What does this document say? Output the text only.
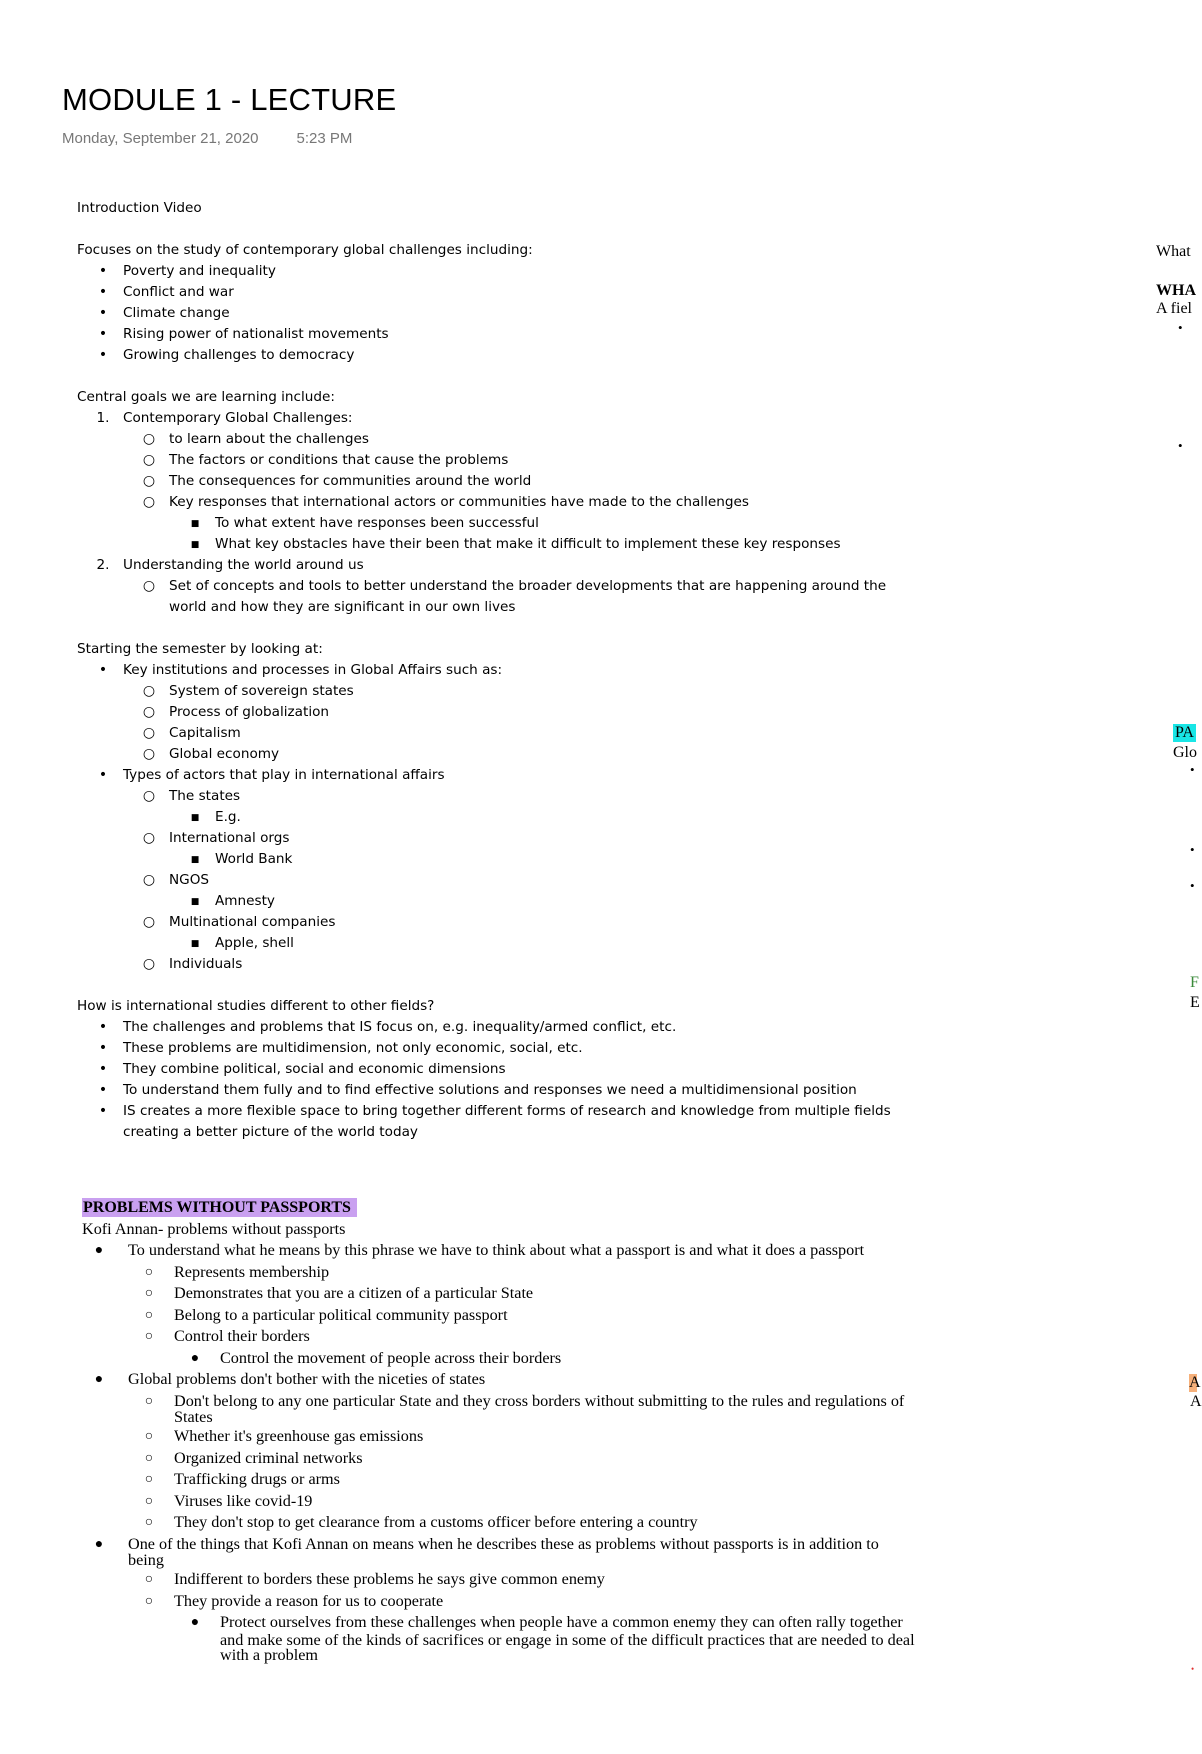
MODULE 1 - LECTURE
Monday, September 21, 2020	5:23 PM
Introduction Video
Focuses on the study of contemporary global challenges including:
• Poverty and inequality
• Conflict and war
• Climate change
• Rising power of nationalist movements
• Growing challenges to democracy
Central goals we are learning include:
1. Contemporary Global Challenges:
○ to learn about the challenges
○ The factors or conditions that cause the problems
○ The consequences for communities around the world
○ Key responses that international actors or communities have made to the challenges
■ To what extent have responses been successful
■ What key obstacles have their been that make it difficult to implement these key responses
2. Understanding the world around us
○ Set of concepts and tools to better understand the broader developments that are happening around the
world and how they are significant in our own lives
Starting the semester by looking at:
• Key institutions and processes in Global Affairs such as:
○ System of sovereign states
○ Process of globalization
○ Capitalism
○ Global economy
• Types of actors that play in international affairs
○ The states
■ E.g.
○ International orgs
■ World Bank
○ NGOS
■ Amnesty
○ Multinational companies
■ Apple, shell
○ Individuals
How is international studies different to other fields?
• The challenges and problems that IS focus on, e.g. inequality/armed conflict, etc.
• These problems are multidimension, not only economic, social, etc.
• They combine political, social and economic dimensions
• To understand them fully and to find effective solutions and responses we need a multidimensional position
• IS creates a more flexible space to bring together different forms of research and knowledge from multiple fields
creating a better picture of the world today
PROBLEMS WITHOUT PASSPORTS
Kofi Annan- problems without passports
● To understand what he means by this phrase we have to think about what a passport is and what it does a passport
○ Represents membership
○ Demonstrates that you are a citizen of a particular State
○ Belong to a particular political community passport
○ Control their borders
● Control the movement of people across their borders
● Global problems don't bother with the niceties of states
○ Don't belong to any one particular State and they cross borders without submitting to the rules and regulations of
States
○ Whether it's greenhouse gas emissions
○ Organized criminal networks
○ Trafficking drugs or arms
○ Viruses like covid-19
○ They don't stop to get clearance from a customs officer before entering a country
● One of the things that Kofi Annan on means when he describes these as problems without passports is in addition to
being
○ Indifferent to borders these problems he says give common enemy
○ They provide a reason for us to cooperate
● Protect ourselves from these challenges when people have a common enemy they can often rally together
and make some of the kinds of sacrifices or engage in some of the difficult practices that are needed to deal
with a problem
What
WHA
A fiel
•
•
PA
Glo
•
•
•
F
E
A
A
•
